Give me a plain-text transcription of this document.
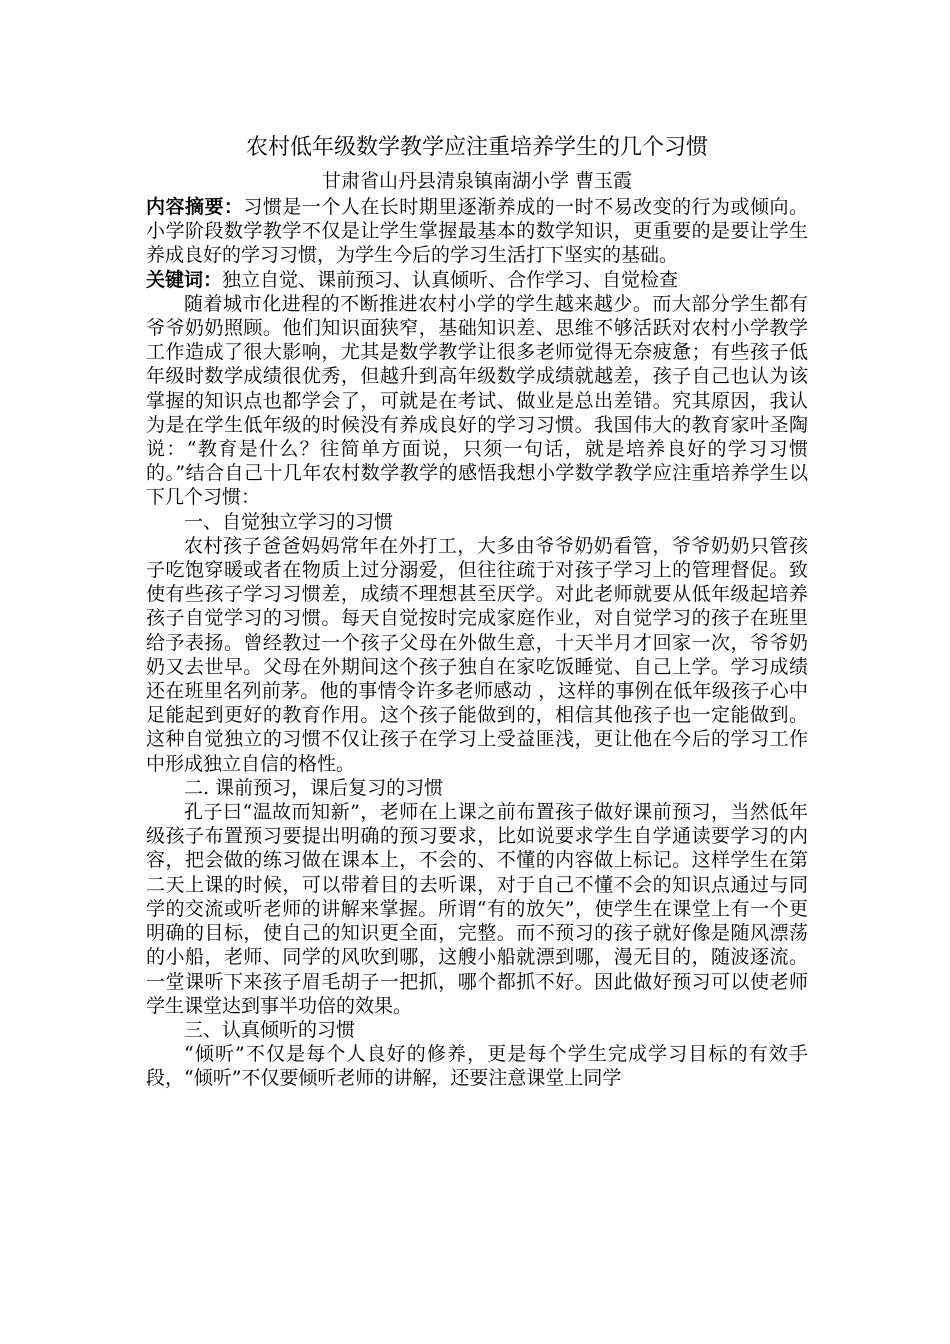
农村低年级数学教学应注重培养学生的几个习惯

甘肃省山丹县清泉镇南湖小学 曹玉霞

内容摘要：习惯是一个人在长时期里逐渐养成的一时不易改变的行为或倾向。小学阶段数学教学不仅是让学生掌握最基本的数学知识，更重要的是要让学生养成良好的学习习惯，为学生今后的学习生活打下坚实的基础。

关键词：独立自觉、课前预习、认真倾听、合作学习、自觉检查

随着城市化进程的不断推进农村小学的学生越来越少。而大部分学生都有爷爷奶奶照顾。他们知识面狭窄，基础知识差、思维不够活跃对农村小学教学工作造成了很大影响，尤其是数学教学让很多老师觉得无奈疲惫；有些孩子低年级时数学成绩很优秀，但越升到高年级数学成绩就越差，孩子自己也认为该掌握的知识点也都学会了，可就是在考试、做业是总出差错。究其原因，我认为是在学生低年级的时候没有养成良好的学习习惯。我国伟大的教育家叶圣陶说：“教育是什么？往简单方面说，只须一句话，就是培养良好的学习习惯的。”结合自己十几年农村数学教学的感悟我想小学数学教学应注重培养学生以下几个习惯：

一、自觉独立学习的习惯

农村孩子爸爸妈妈常年在外打工，大多由爷爷奶奶看管，爷爷奶奶只管孩子吃饱穿暖或者在物质上过分溺爱，但往往疏于对孩子学习上的管理督促。致使有些孩子学习习惯差，成绩不理想甚至厌学。对此老师就要从低年级起培养孩子自觉学习的习惯。每天自觉按时完成家庭作业，对自觉学习的孩子在班里给予表扬。曾经教过一个孩子父母在外做生意，十天半月才回家一次，爷爷奶奶又去世早。父母在外期间这个孩子独自在家吃饭睡觉、自己上学。学习成绩还在班里名列前茅。他的事情令许多老师感动 ，这样的事例在低年级孩子心中足能起到更好的教育作用。这个孩子能做到的，相信其他孩子也一定能做到。这种自觉独立的习惯不仅让孩子在学习上受益匪浅，更让他在今后的学习工作中形成独立自信的格性。

二. 课前预习，课后复习的习惯

孔子曰“温故而知新”，老师在上课之前布置孩子做好课前预习，当然低年级孩子布置预习要提出明确的预习要求，比如说要求学生自学通读要学习的内容，把会做的练习做在课本上，不会的、不懂的内容做上标记。这样学生在第二天上课的时候，可以带着目的去听课，对于自己不懂不会的知识点通过与同学的交流或听老师的讲解来掌握。所谓“有的放矢”，使学生在课堂上有一个更明确的目标，使自己的知识更全面，完整。而不预习的孩子就好像是随风漂荡的小船，老师、同学的风吹到哪，这艘小船就漂到哪，漫无目的，随波逐流。一堂课听下来孩子眉毛胡子一把抓，哪个都抓不好。因此做好预习可以使老师学生课堂达到事半功倍的效果。

三、认真倾听的习惯

“倾听”不仅是每个人良好的修养，更是每个学生完成学习目标的有效手段，“倾听”不仅要倾听老师的讲解，还要注意课堂上同学
